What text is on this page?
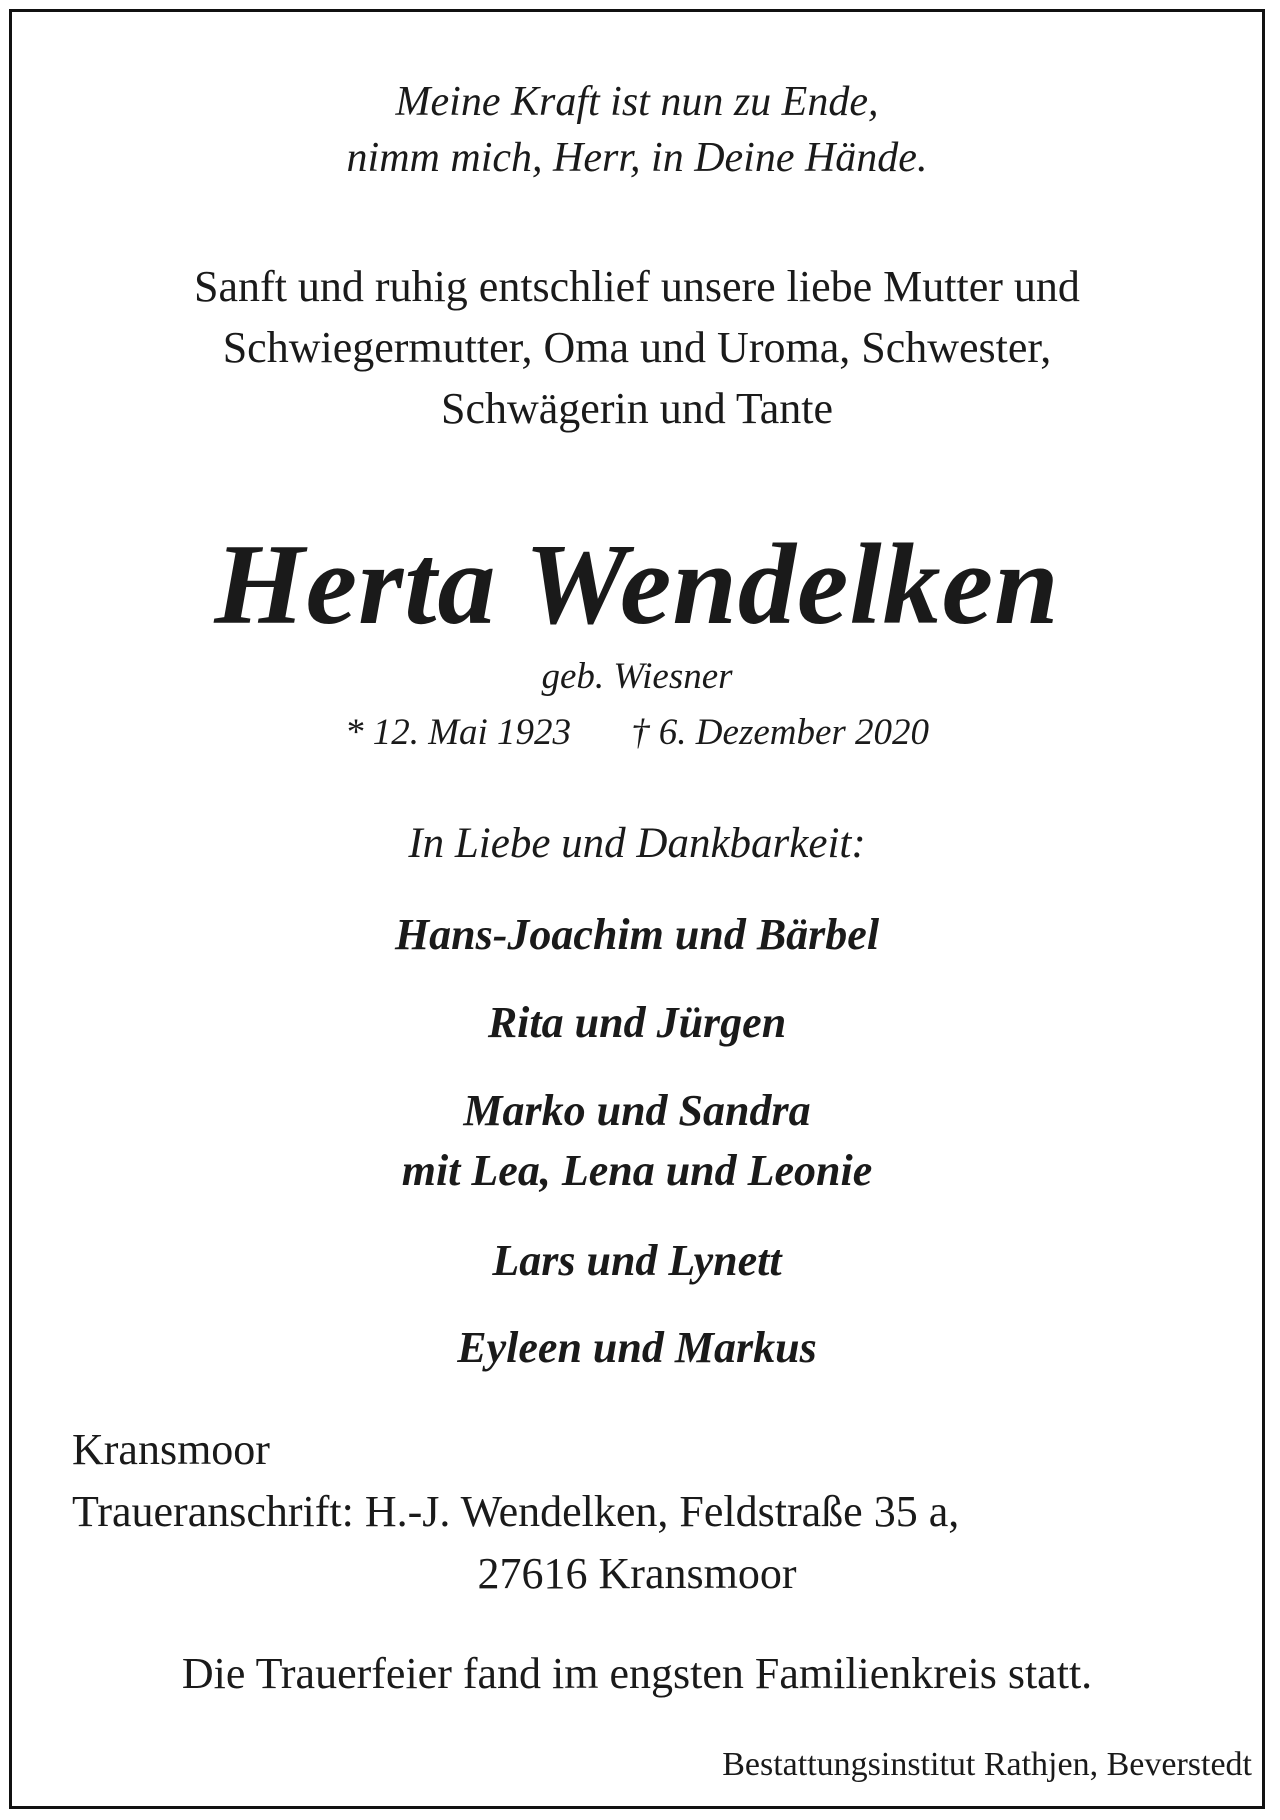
Meine Kraft ist nun zu Ende,
nimm mich, Herr, in Deine Hände.
Sanft und ruhig entschlief unsere liebe Mutter und
Schwiegermutter, Oma und Uroma, Schwester,
Schwägerin und Tante
Herta Wendelken
geb. Wiesner
* 12. Mai 1923 † 6. Dezember 2020
In Liebe und Dankbarkeit:
Hans-Joachim und Bärbel
Rita und Jürgen
Marko und Sandra
mit Lea, Lena und Leonie
Lars und Lynett
Eyleen und Markus
Kransmoor
Traueranschrift: H.-J. Wendelken, Feldstraße 35 a,
27616 Kransmoor
Die Trauerfeier fand im engsten Familienkreis statt.
Bestattungsinstitut Rathjen, Beverstedt
